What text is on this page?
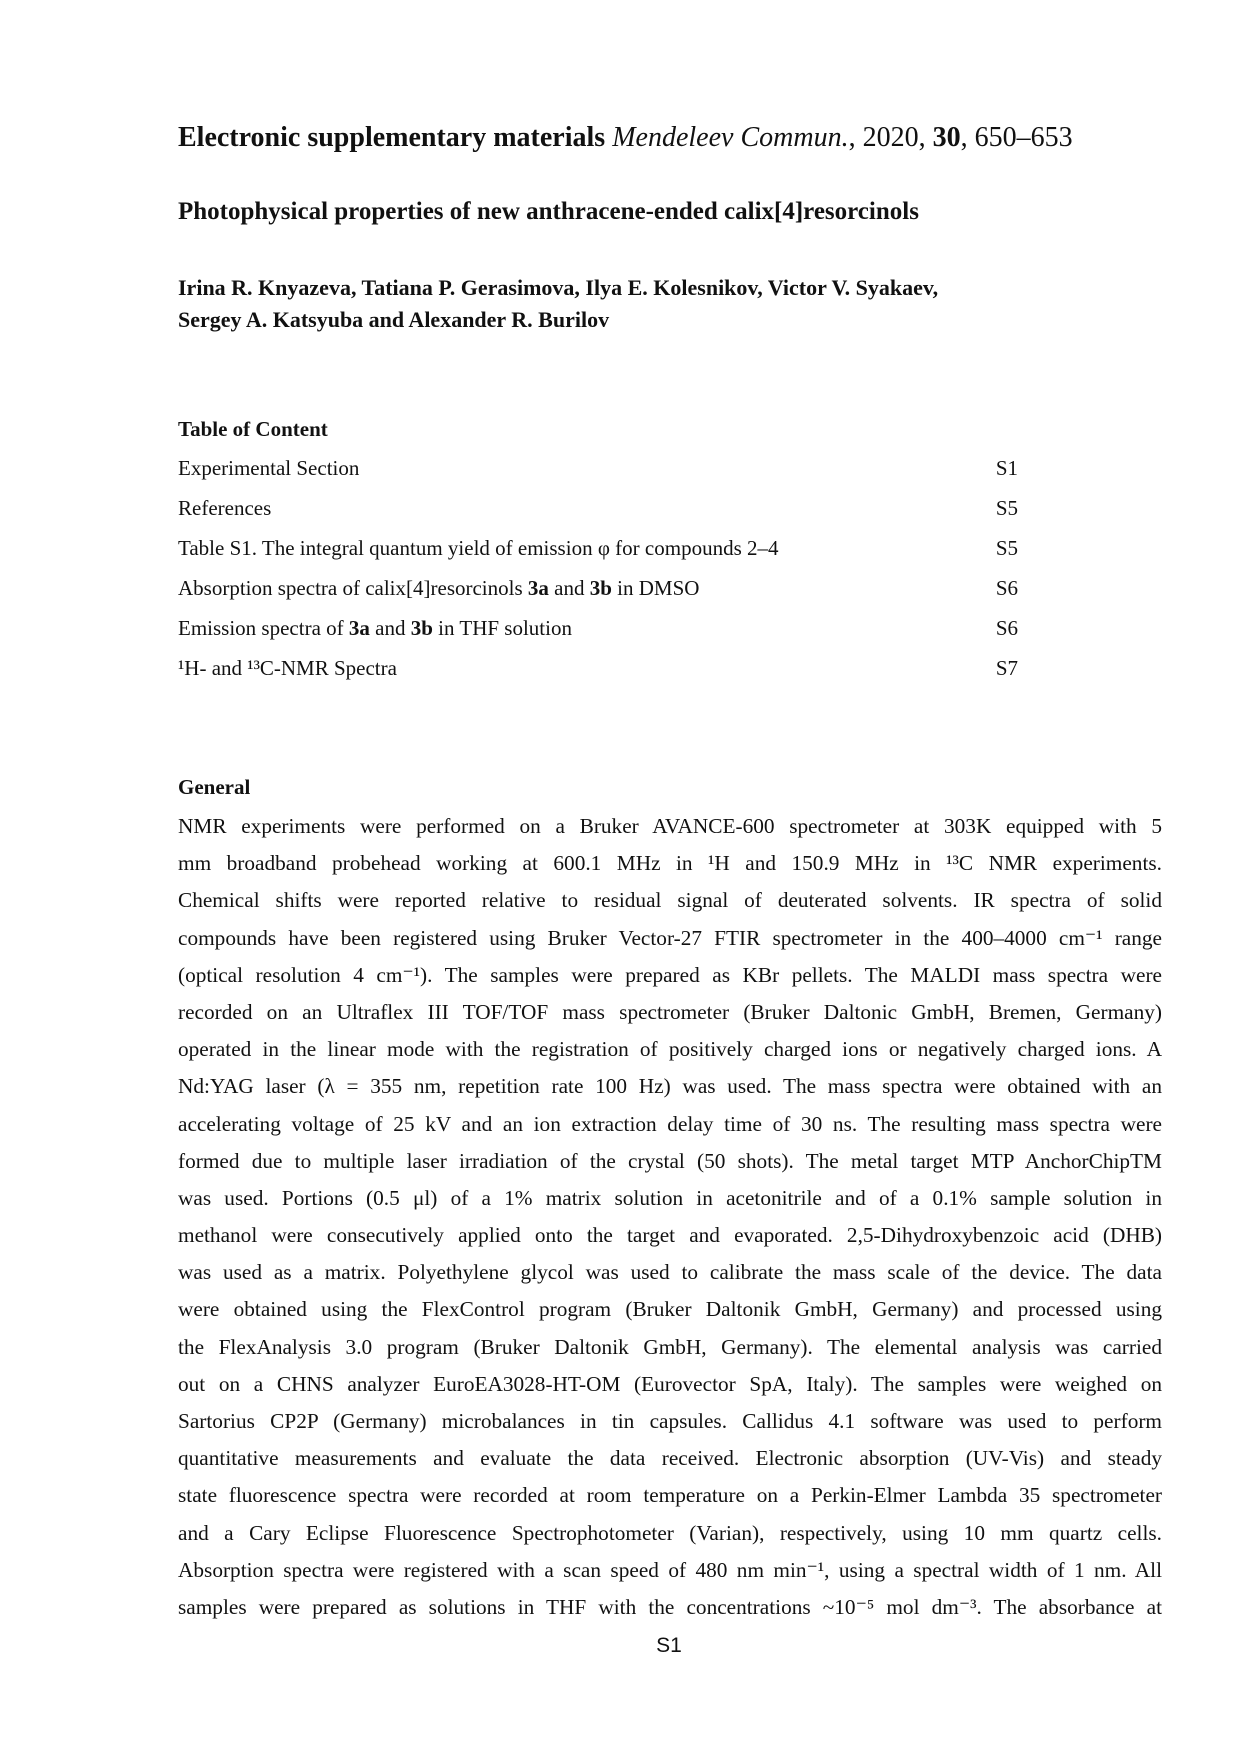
Electronic supplementary materials Mendeleev Commun., 2020, 30, 650–653
Photophysical properties of new anthracene-ended calix[4]resorcinols
Irina R. Knyazeva, Tatiana P. Gerasimova, Ilya E. Kolesnikov, Victor V. Syakaev,
Sergey A. Katsyuba and Alexander R. Burilov
Table of Content
Experimental Section	S1
References	S5
Table S1. The integral quantum yield of emission φ for compounds 2–4	S5
Absorption spectra of calix[4]resorcinols 3a and 3b in DMSO	S6
Emission spectra of 3a and 3b in THF solution	S6
¹H- and ¹³C-NMR Spectra	S7
General
NMR experiments were performed on a Bruker AVANCE-600 spectrometer at 303K equipped with 5
mm broadband probehead working at 600.1 MHz in ¹H and 150.9 MHz in ¹³C NMR experiments.
Chemical shifts were reported relative to residual signal of deuterated solvents. IR spectra of solid
compounds have been registered using Bruker Vector-27 FTIR spectrometer in the 400–4000 cm⁻¹ range
(optical resolution 4 cm⁻¹). The samples were prepared as KBr pellets. The MALDI mass spectra were
recorded on an Ultraflex III TOF/TOF mass spectrometer (Bruker Daltonic GmbH, Bremen, Germany)
operated in the linear mode with the registration of positively charged ions or negatively charged ions. A
Nd:YAG laser (λ = 355 nm, repetition rate 100 Hz) was used. The mass spectra were obtained with an
accelerating voltage of 25 kV and an ion extraction delay time of 30 ns. The resulting mass spectra were
formed due to multiple laser irradiation of the crystal (50 shots). The metal target MTP AnchorChipTM
was used. Portions (0.5 μl) of a 1% matrix solution in acetonitrile and of a 0.1% sample solution in
methanol were consecutively applied onto the target and evaporated. 2,5-Dihydroxybenzoic acid (DHB)
was used as a matrix. Polyethylene glycol was used to calibrate the mass scale of the device. The data
were obtained using the FlexControl program (Bruker Daltonik GmbH, Germany) and processed using
the FlexAnalysis 3.0 program (Bruker Daltonik GmbH, Germany). The elemental analysis was carried
out on a CHNS analyzer EuroEA3028-HT-OM (Eurovector SpA, Italy). The samples were weighed on
Sartorius CP2P (Germany) microbalances in tin capsules. Callidus 4.1 software was used to perform
quantitative measurements and evaluate the data received. Electronic absorption (UV-Vis) and steady
state fluorescence spectra were recorded at room temperature on a Perkin-Elmer Lambda 35 spectrometer
and a Cary Eclipse Fluorescence Spectrophotometer (Varian), respectively, using 10 mm quartz cells.
Absorption spectra were registered with a scan speed of 480 nm min⁻¹, using a spectral width of 1 nm. All
samples were prepared as solutions in THF with the concentrations ~10⁻⁵ mol dm⁻³. The absorbance at
S1
